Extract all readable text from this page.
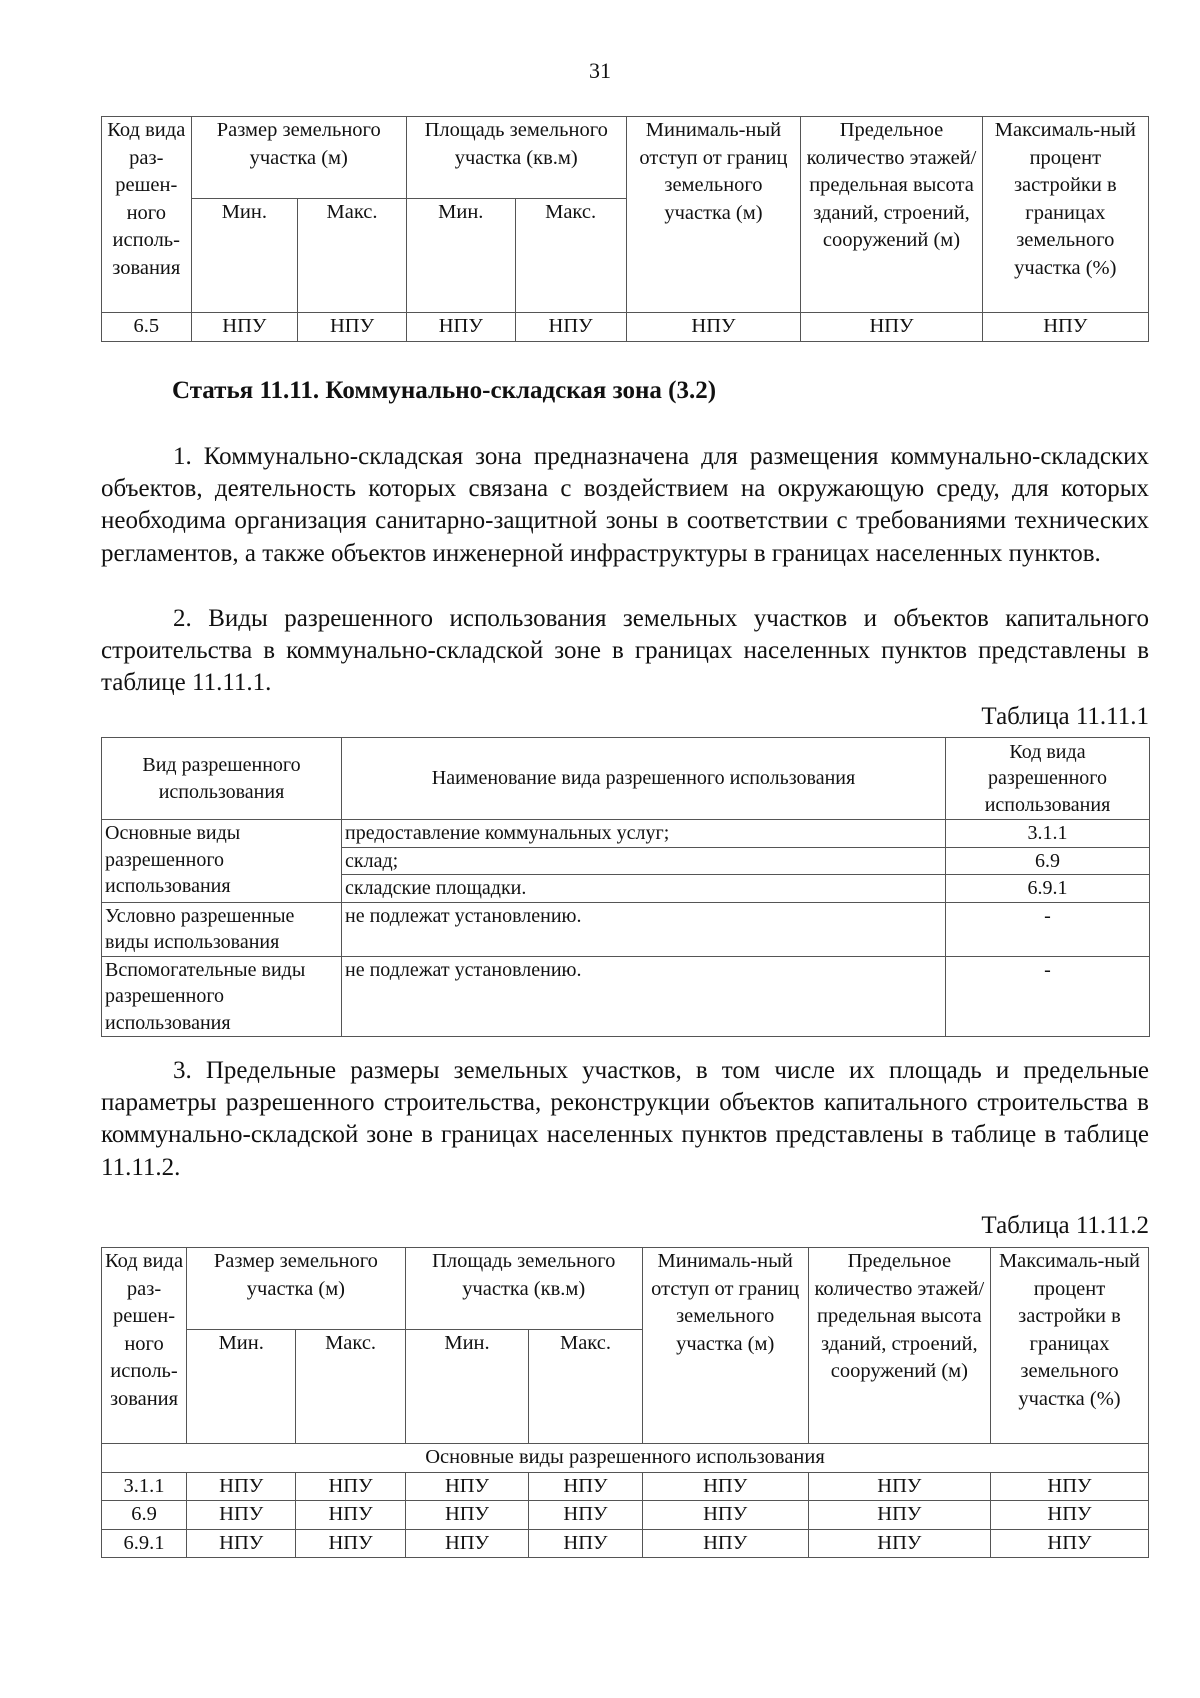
31
Код вида раз-решен-ного исполь-зования	Размер земельного участка (м)		Площадь земельного участка (кв.м)		Минималь-ный отступ от границ земельного участка (м)	Предельное количество этажей/ предельная высота зданий, строений, сооружений (м)	Максималь-ный процент застройки в границах земельного участка (%)
	Мин.	Макс.	Мин.	Макс.			
6.5	НПУ	НПУ	НПУ	НПУ	НПУ	НПУ	НПУ
Статья 11.11. Коммунально-складская зона (3.2)
1. Коммунально-складская зона предназначена для размещения коммунально-складских объектов, деятельность которых связана с воздействием на окружающую среду, для которых необходима организация санитарно-защитной зоны в соответствии с требованиями технических регламентов, а также объектов инженерной инфраструктуры в границах населенных пунктов.
2. Виды разрешенного использования земельных участков и объектов капитального строительства в коммунально-складской зоне в границах населенных пунктов представлены в таблице 11.11.1.
Таблица 11.11.1
Вид разрешенного использования	Наименование вида разрешенного использования	Код вида разрешенного использования
Основные виды разрешенного использования	предоставление коммунальных услуг;	3.1.1
	склад;	6.9
	складские площадки.	6.9.1
Условно разрешенные виды использования	не подлежат установлению.	-
Вспомогательные виды разрешенного использования	не подлежат установлению.	-
3. Предельные размеры земельных участков, в том числе их площадь и предельные параметры разрешенного строительства, реконструкции объектов капитального строительства в коммунально-складской зоне в границах населенных пунктов представлены в таблице в таблице 11.11.2.
Таблица 11.11.2
Код вида раз-решен-ного исполь-зования	Размер земельного участка (м)		Площадь земельного участка (кв.м)		Минималь-ный отступ от границ земельного участка (м)	Предельное количество этажей/ предельная высота зданий, строений, сооружений (м)	Максималь-ный процент застройки в границах земельного участка (%)
	Мин.	Макс.	Мин.	Макс.			
Основные виды разрешенного использования							
3.1.1	НПУ	НПУ	НПУ	НПУ	НПУ	НПУ	НПУ
6.9	НПУ	НПУ	НПУ	НПУ	НПУ	НПУ	НПУ
6.9.1	НПУ	НПУ	НПУ	НПУ	НПУ	НПУ	НПУ
